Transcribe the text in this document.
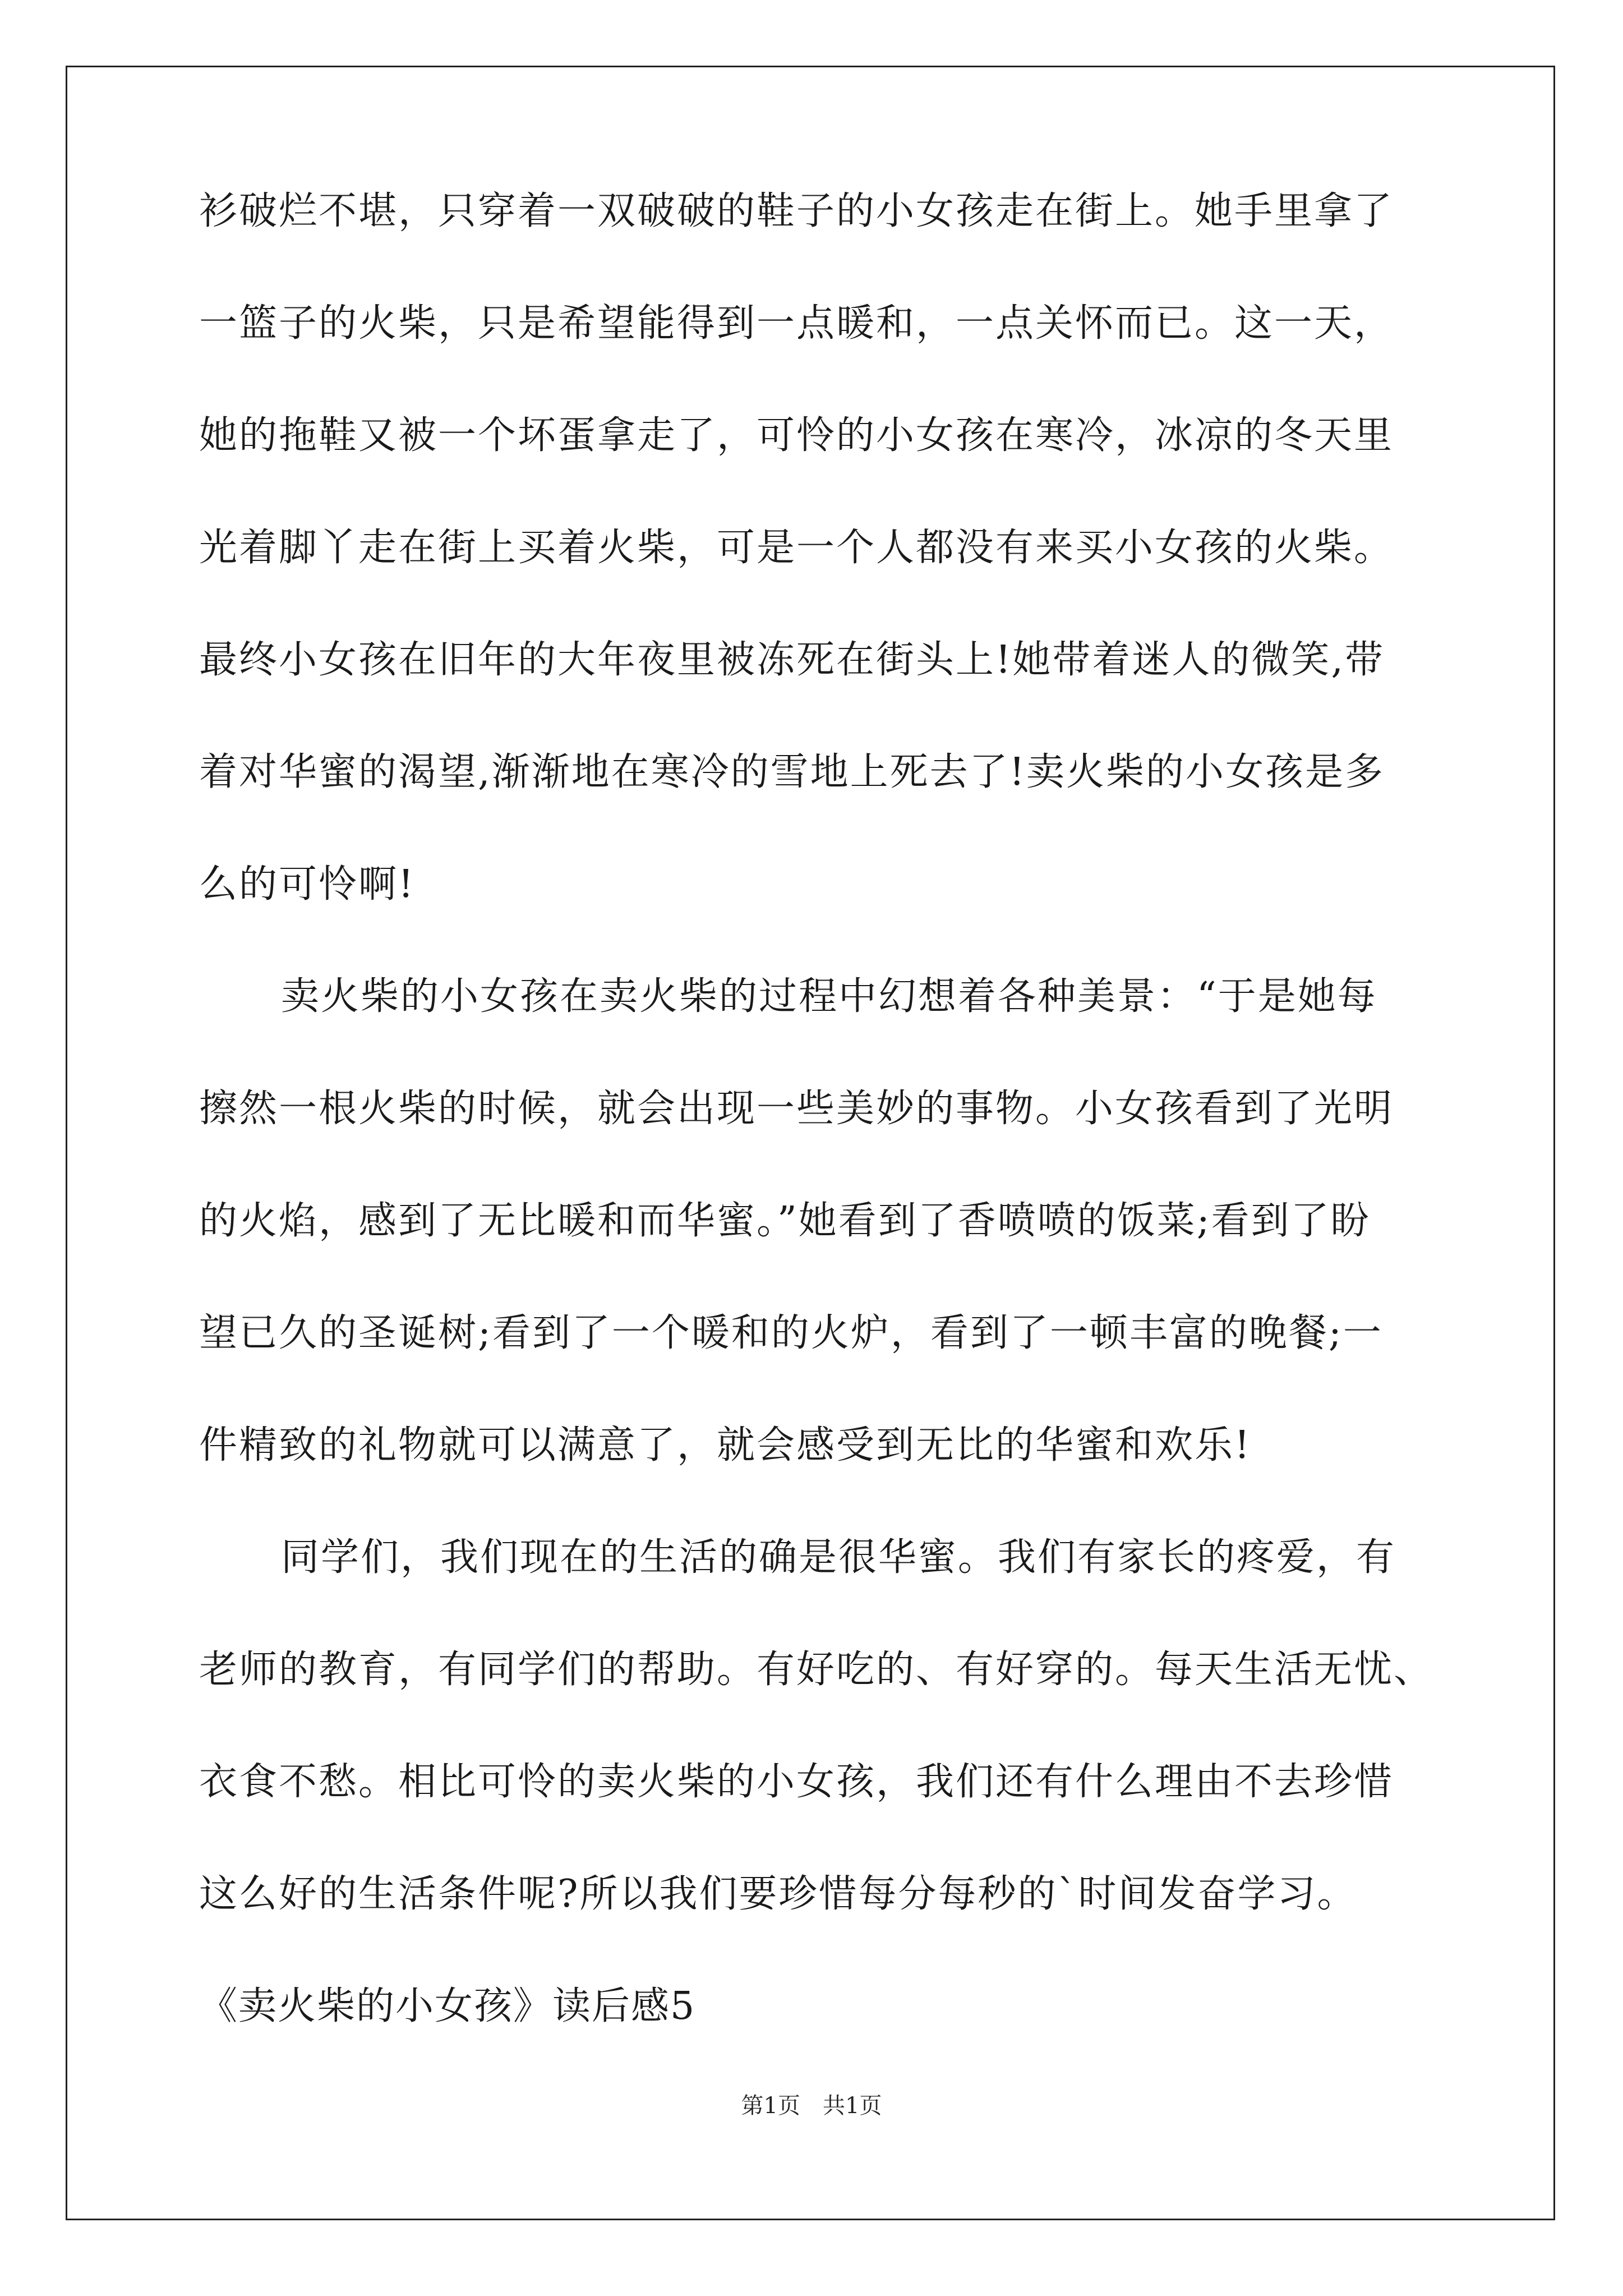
衫破烂不堪，只穿着一双破破的鞋子的小女孩走在街上。她手里拿了
一篮子的火柴，只是希望能得到一点暖和，一点关怀而已。这一天，
她的拖鞋又被一个坏蛋拿走了，可怜的小女孩在寒冷，冰凉的冬天里
光着脚丫走在街上买着火柴，可是一个人都没有来买小女孩的火柴。
最终小女孩在旧年的大年夜里被冻死在街头上!她带着迷人的微笑,带
着对华蜜的渴望,渐渐地在寒冷的雪地上死去了!卖火柴的小女孩是多
么的可怜啊!
卖火柴的小女孩在卖火柴的过程中幻想着各种美景：“于是她每
擦然一根火柴的时候，就会出现一些美妙的事物。小女孩看到了光明
的火焰，感到了无比暖和而华蜜。”她看到了香喷喷的饭菜;看到了盼
望已久的圣诞树;看到了一个暖和的火炉，看到了一顿丰富的晚餐;一
件精致的礼物就可以满意了，就会感受到无比的华蜜和欢乐!
同学们，我们现在的生活的确是很华蜜。我们有家长的疼爱，有
老师的教育，有同学们的帮助。有好吃的、有好穿的。每天生活无忧、
衣食不愁。相比可怜的卖火柴的小女孩，我们还有什么理由不去珍惜
这么好的生活条件呢?所以我们要珍惜每分每秒的`时间发奋学习。
《卖火柴的小女孩》读后感5
第1页 共1页
